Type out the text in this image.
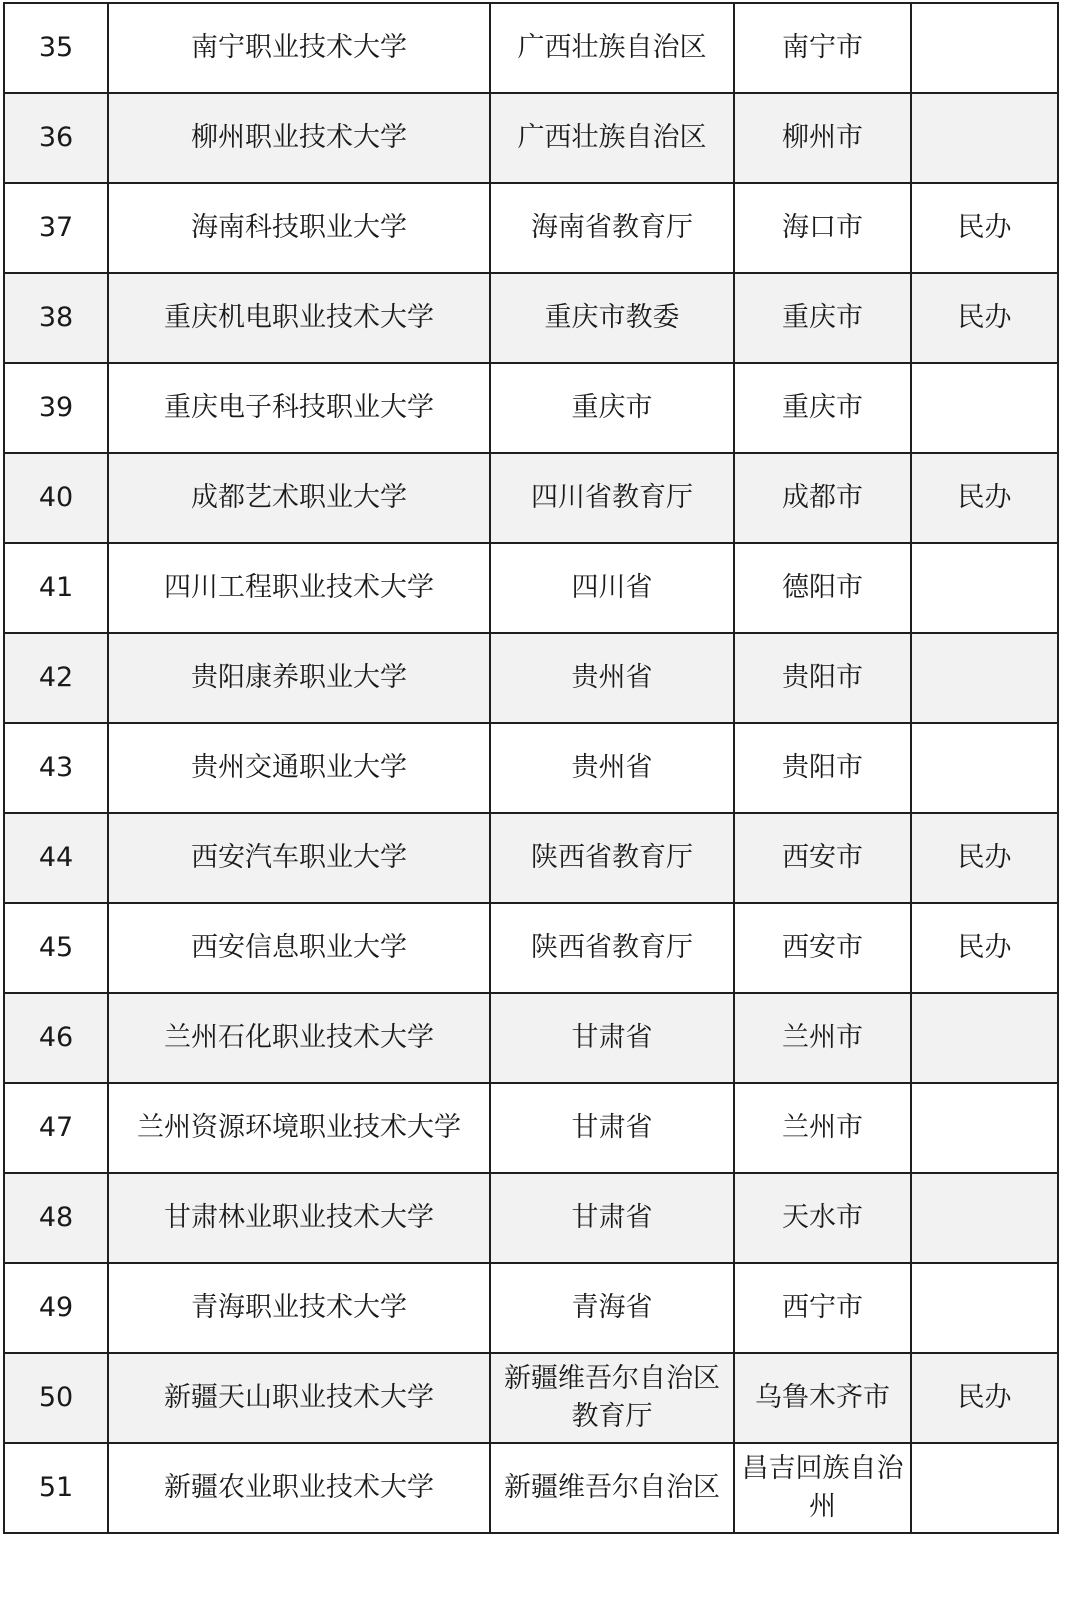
35	南宁职业技术大学	广西壮族自治区	南宁市	
36	柳州职业技术大学	广西壮族自治区	柳州市	
37	海南科技职业大学	海南省教育厅	海口市	民办
38	重庆机电职业技术大学	重庆市教委	重庆市	民办
39	重庆电子科技职业大学	重庆市	重庆市	
40	成都艺术职业大学	四川省教育厅	成都市	民办
41	四川工程职业技术大学	四川省	德阳市	
42	贵阳康养职业大学	贵州省	贵阳市	
43	贵州交通职业大学	贵州省	贵阳市	
44	西安汽车职业大学	陕西省教育厅	西安市	民办
45	西安信息职业大学	陕西省教育厅	西安市	民办
46	兰州石化职业技术大学	甘肃省	兰州市	
47	兰州资源环境职业技术大学	甘肃省	兰州市	
48	甘肃林业职业技术大学	甘肃省	天水市	
49	青海职业技术大学	青海省	西宁市	
50	新疆天山职业技术大学	新疆维吾尔自治区教育厅	乌鲁木齐市	民办
51	新疆农业职业技术大学	新疆维吾尔自治区	昌吉回族自治州	
